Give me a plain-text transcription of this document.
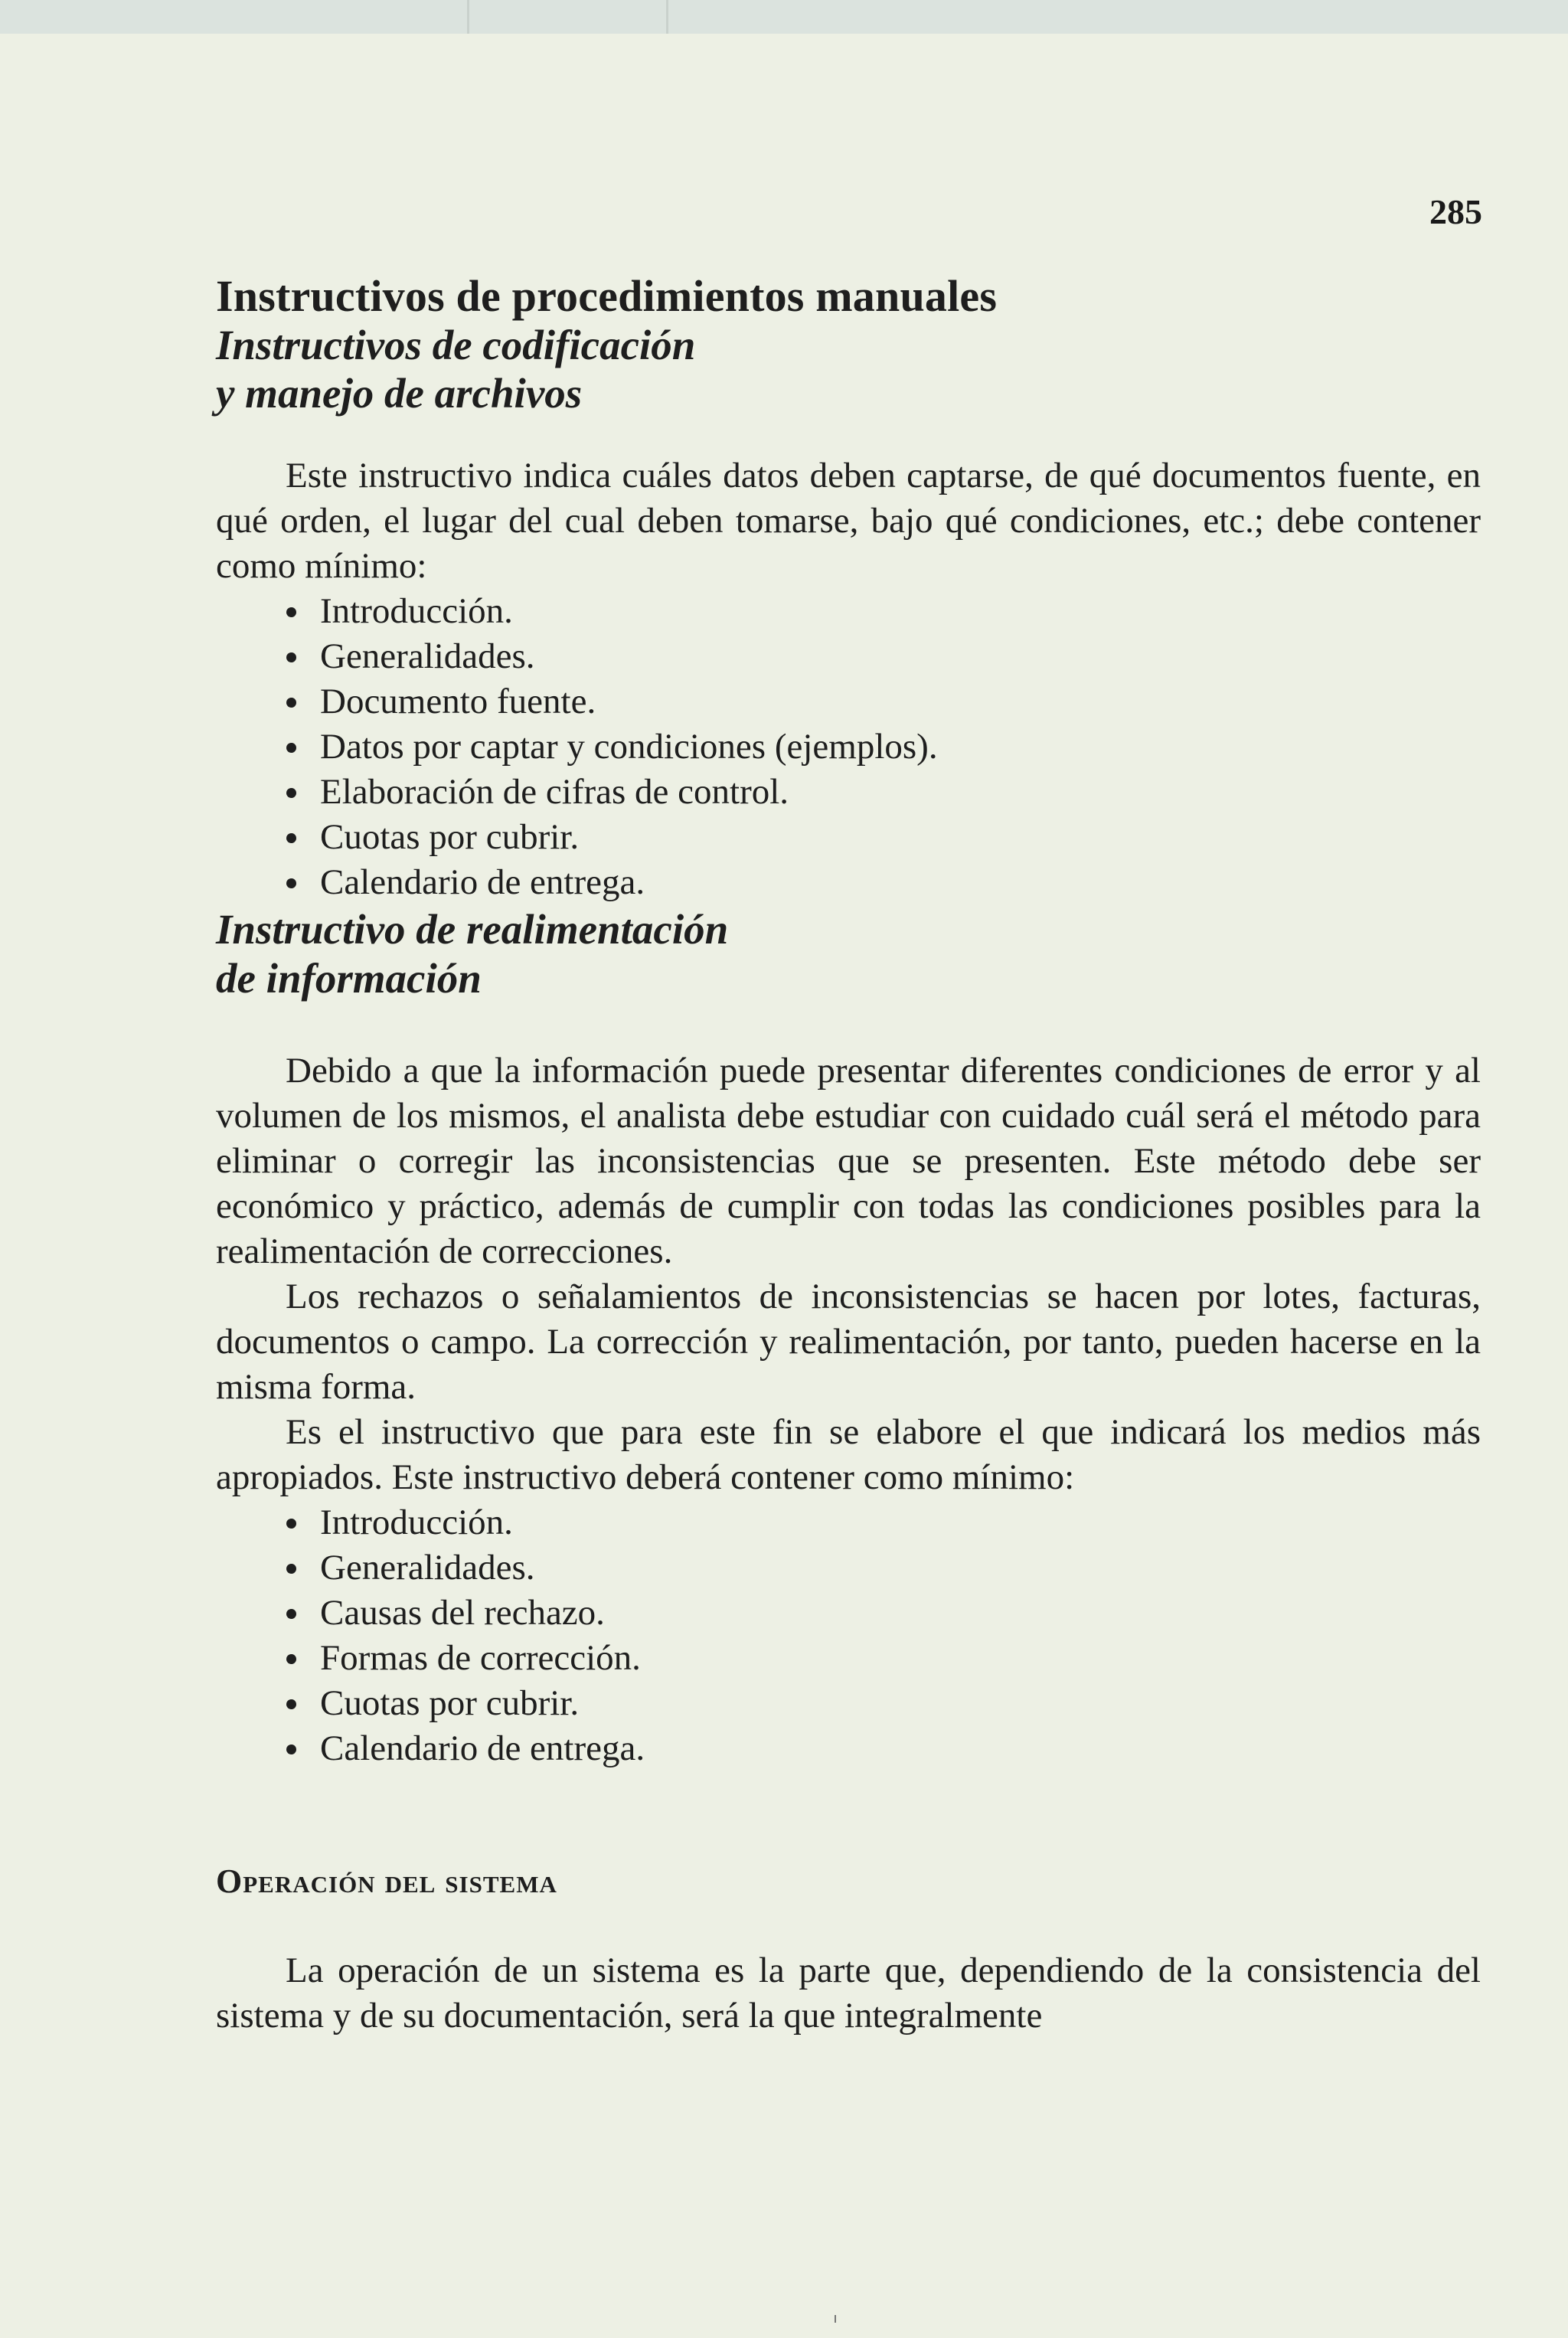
285
Instructivos de procedimientos manuales
Instructivos de codificación
y manejo de archivos

Este instructivo indica cuáles datos deben captarse, de qué documentos fuente, en qué orden, el lugar del cual deben tomarse, bajo qué condiciones, etc.; debe contener como mínimo:

Introducción.
Generalidades.
Documento fuente.
Datos por captar y condiciones (ejemplos).
Elaboración de cifras de control.
Cuotas por cubrir.
Calendario de entrega.
Instructivo de realimentación
de información

Debido a que la información puede presentar diferentes condiciones de error y al volumen de los mismos, el analista debe estudiar con cuidado cuál será el método para eliminar o corregir las inconsistencias que se presenten. Este método debe ser económico y práctico, además de cumplir con todas las condiciones posibles para la realimentación de correcciones.

Los rechazos o señalamientos de inconsistencias se hacen por lotes, facturas, documentos o campo. La corrección y realimentación, por tanto, pueden hacerse en la misma forma.

Es el instructivo que para este fin se elabore el que indicará los medios más apropiados. Este instructivo deberá contener como mínimo:

Introducción.
Generalidades.
Causas del rechazo.
Formas de corrección.
Cuotas por cubrir.
Calendario de entrega.
Operación del sistema

La operación de un sistema es la parte que, dependiendo de la consistencia del sistema y de su documentación, será la que integralmente
